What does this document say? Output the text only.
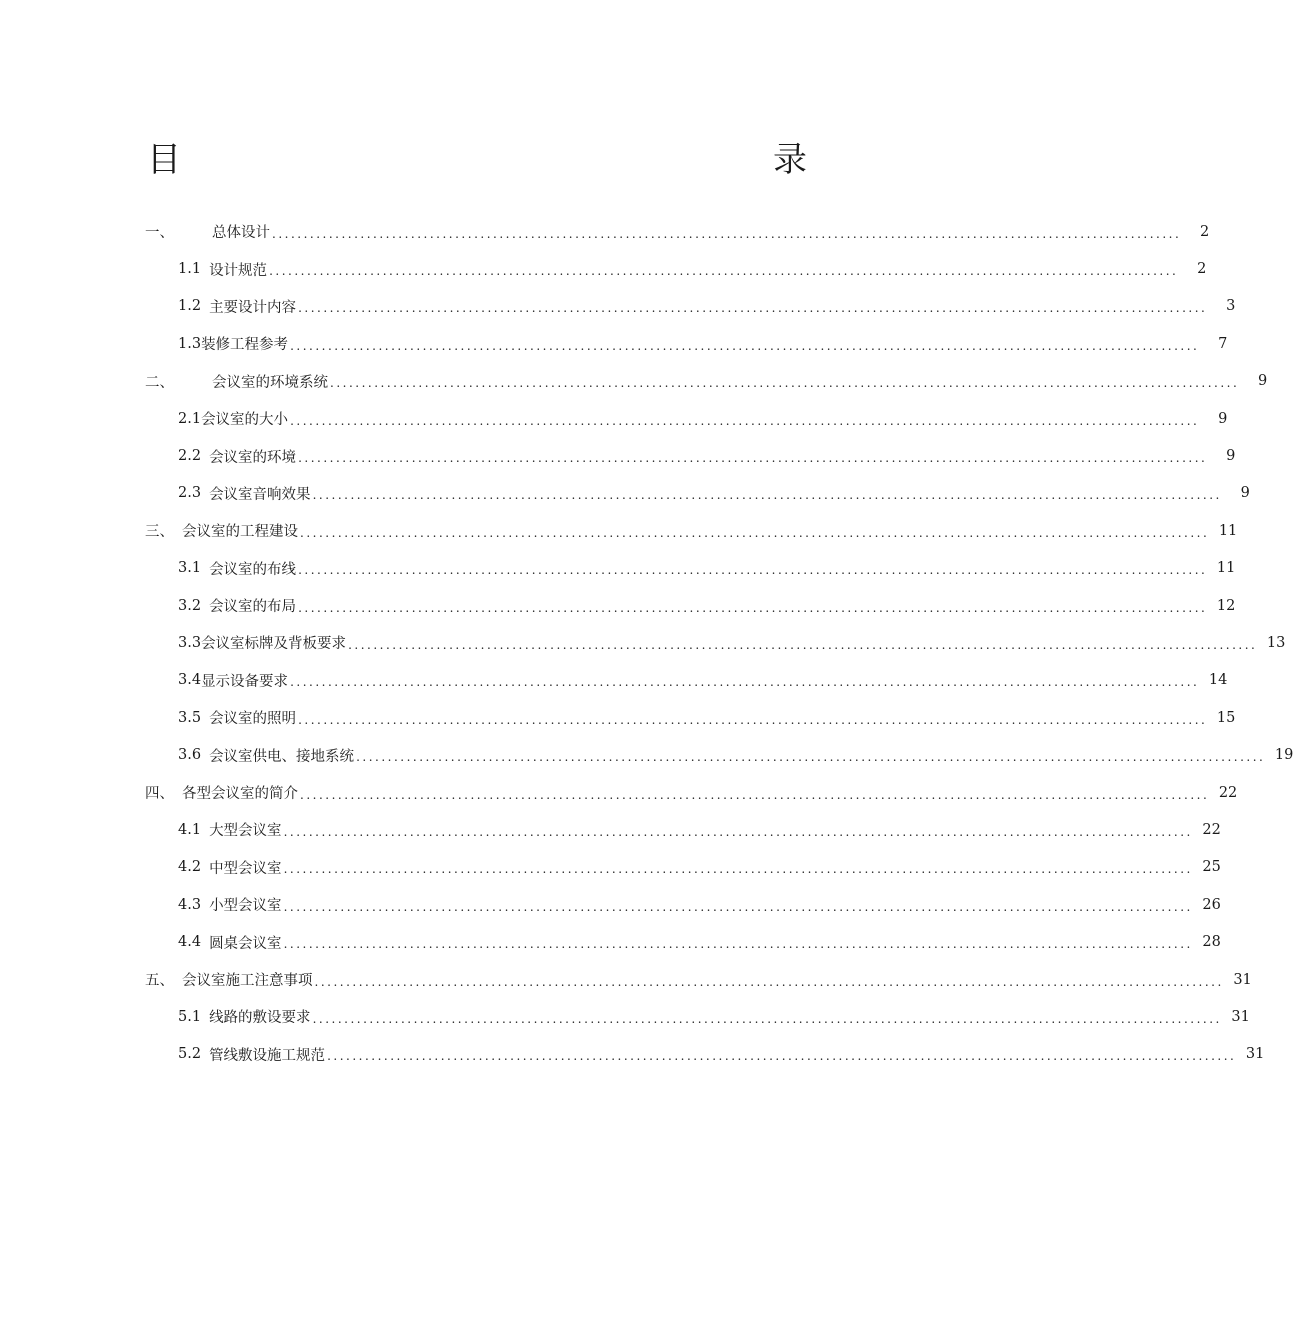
目	录
一、	总体设计 ................................................................................................................................................	2
1.1 设计规范 ................................................................................................................................................	2
1.2 主要设计内容 ................................................................................................................................................	3
1.3 装修工程参考 ................................................................................................................................................	7
二、	会议室的环境系统 ................................................................................................................................................	9
2.1 会议室的大小 ................................................................................................................................................	9
2.2 会议室的环境 ................................................................................................................................................	9
2.3 会议室音响效果 ................................................................................................................................................	9
三、 会议室的工程建设 ................................................................................................................................................ 11
3.1 会议室的布线 ................................................................................................................................................ 11
3.2 会议室的布局 ................................................................................................................................................ 12
3.3 会议室标牌及背板要求 ................................................................................................................................................ 13
3.4 显示设备要求 ................................................................................................................................................ 14
3.5 会议室的照明 ................................................................................................................................................ 15
3.6 会议室供电、接地系统 ................................................................................................................................................ 19
四、 各型会议室的简介 ................................................................................................................................................ 22
4.1 大型会议室 ................................................................................................................................................ 22
4.2 中型会议室 ................................................................................................................................................ 25
4.3 小型会议室 ................................................................................................................................................ 26
4.4 圆桌会议室 ................................................................................................................................................ 28
五、 会议室施工注意事项 ................................................................................................................................................ 31
5.1 线路的敷设要求 ................................................................................................................................................ 31
5.2 管线敷设施工规范 ................................................................................................................................................ 31
